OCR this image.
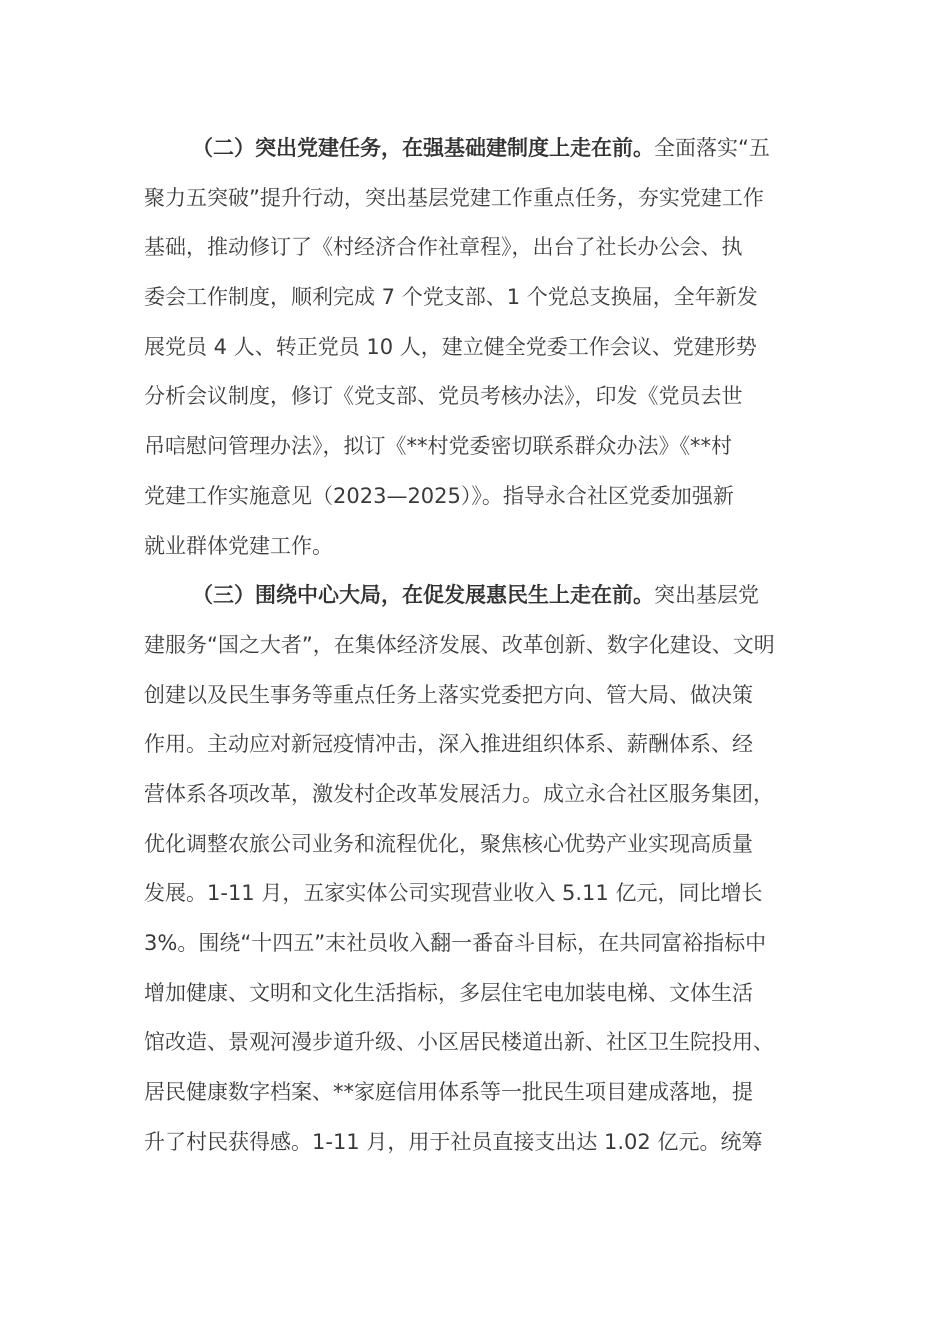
（二）突出党建任务，在强基础建制度上走在前。全面落实“五
聚力五突破”提升行动，突出基层党建工作重点任务，夯实党建工作
基础，推动修订了《村经济合作社章程》，出台了社长办公会、执
委会工作制度，顺利完成 7 个党支部、1 个党总支换届，全年新发
展党员 4 人、转正党员 10 人，建立健全党委工作会议、党建形势
分析会议制度，修订《党支部、党员考核办法》，印发《党员去世
吊唁慰问管理办法》，拟订《**村党委密切联系群众办法》《**村
党建工作实施意见（2023—2025）》。指导永合社区党委加强新
就业群体党建工作。
（三）围绕中心大局，在促发展惠民生上走在前。突出基层党
建服务“国之大者”，在集体经济发展、改革创新、数字化建设、文明
创建以及民生事务等重点任务上落实党委把方向、管大局、做决策
作用。主动应对新冠疫情冲击，深入推进组织体系、薪酬体系、经
营体系各项改革，激发村企改革发展活力。成立永合社区服务集团，
优化调整农旅公司业务和流程优化，聚焦核心优势产业实现高质量
发展。1-11 月，五家实体公司实现营业收入 5.11 亿元，同比增长
3%。围绕“十四五”末社员收入翻一番奋斗目标，在共同富裕指标中
增加健康、文明和文化生活指标，多层住宅电加装电梯、文体生活
馆改造、景观河漫步道升级、小区居民楼道出新、社区卫生院投用、
居民健康数字档案、**家庭信用体系等一批民生项目建成落地，提
升了村民获得感。1-11 月，用于社员直接支出达 1.02 亿元。统筹
